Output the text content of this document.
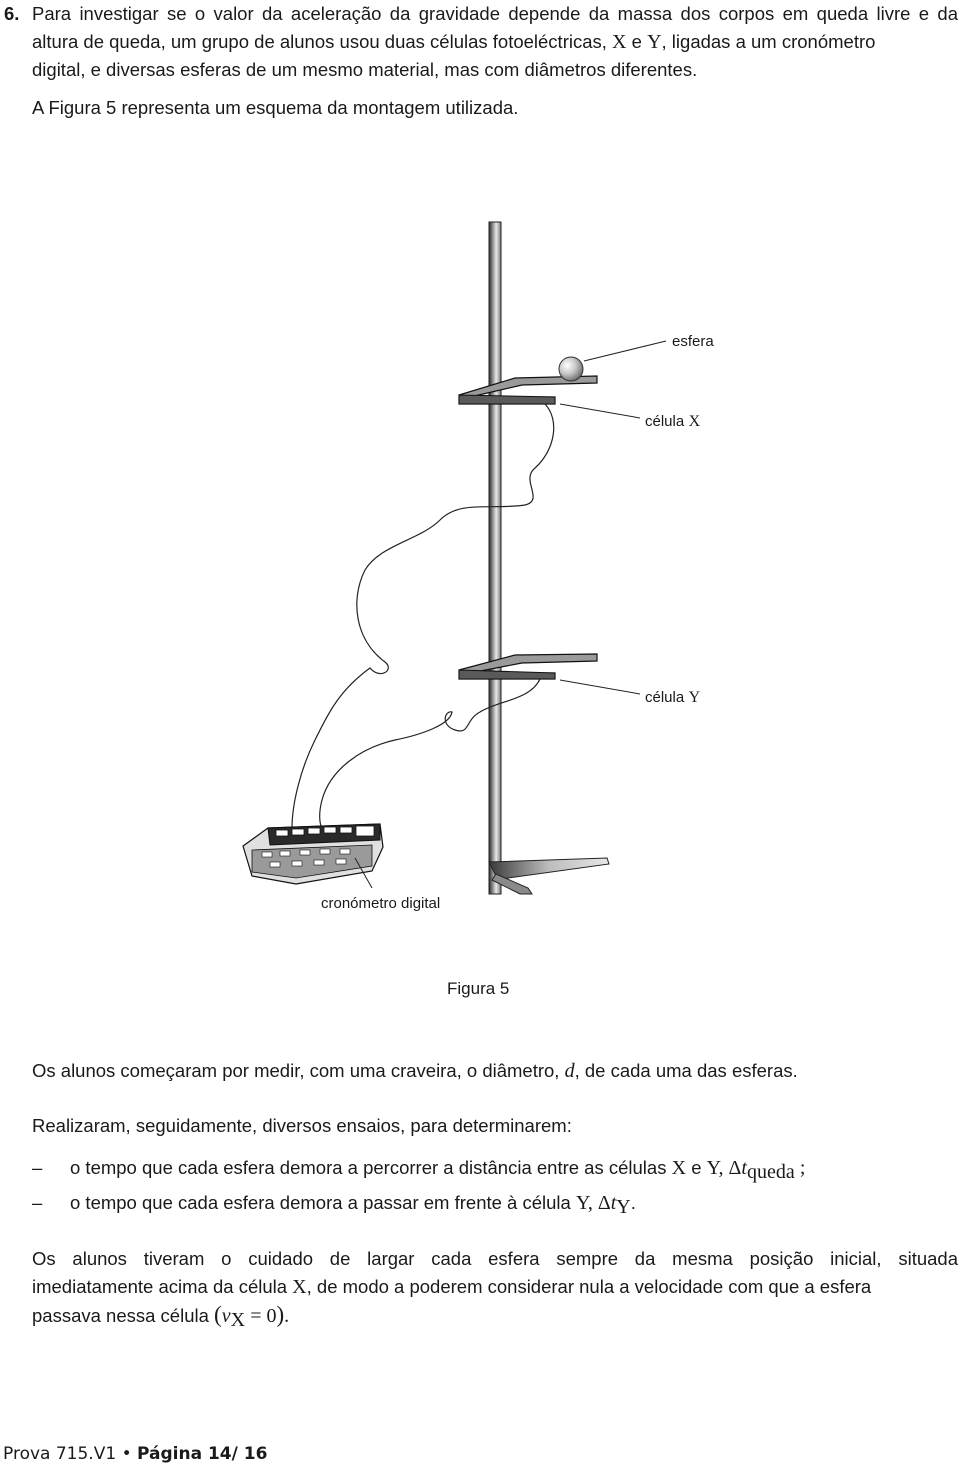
6. Para investigar se o valor da aceleração da gravidade depende da massa dos corpos em queda livre e da

altura de queda, um grupo de alunos usou duas células fotoeléctricas, X e Y, ligadas a um cronómetro

digital, e diversas esferas de um mesmo material, mas com diâmetros diferentes.

A Figura 5 representa um esquema da montagem utilizada.

esfera
célula X
célula Y
cronómetro digital
Figura 5

Os alunos começaram por medir, com uma craveira, o diâmetro, d, de cada uma das esferas.

Realizaram, seguidamente, diversos ensaios, para determinarem:

– o tempo que cada esfera demora a percorrer a distância entre as células X e Y, $\Delta t_{queda}$ ;
– o tempo que cada esfera demora a passar em frente à célula Y, $\Delta t_Y$.

Os alunos tiveram o cuidado de largar cada esfera sempre da mesma posição inicial, situada

imediatamente acima da célula X, de modo a poderem considerar nula a velocidade com que a esfera

passava nessa célula $(v_X = 0)$.

Prova 715.V1 • Página 14/ 16
